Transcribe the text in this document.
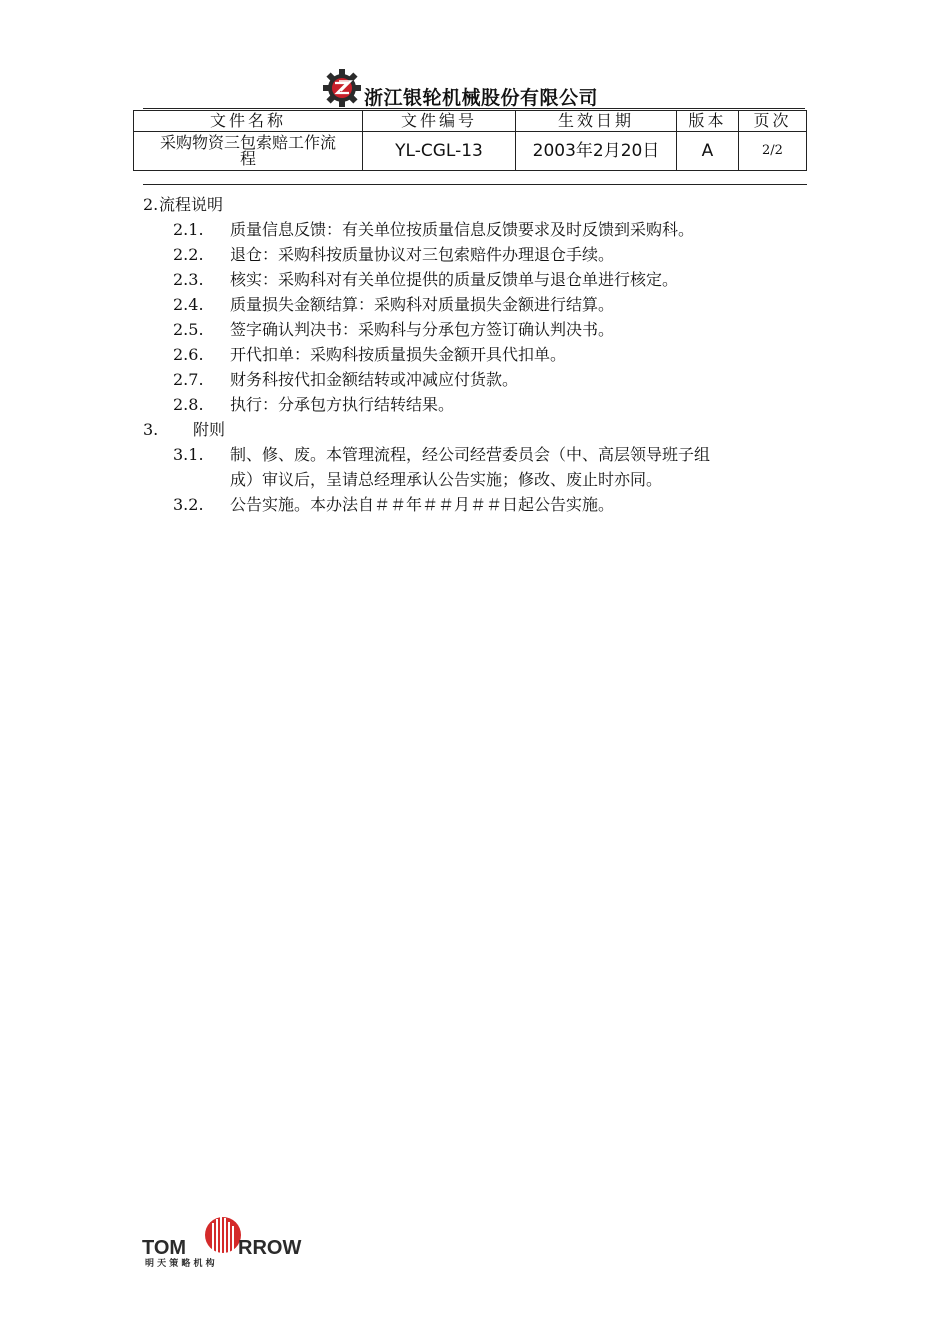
浙江银轮机械股份有限公司
文件名称	文件编号	生效日期	版本	页次

采购物资三包索赔工作流
程	YL-CGL-13	2003年2月20日	A	2/2
2. 流程说明
2.1. 质量信息反馈：有关单位按质量信息反馈要求及时反馈到采购科。
2.2. 退仓：采购科按质量协议对三包索赔件办理退仓手续。
2.3. 核实：采购科对有关单位提供的质量反馈单与退仓单进行核定。
2.4. 质量损失金额结算：采购科对质量损失金额进行结算。
2.5. 签字确认判决书：采购科与分承包方签订确认判决书。
2.6. 开代扣单：采购科按质量损失金额开具代扣单。
2.7. 财务科按代扣金额结转或冲减应付货款。
2.8. 执行：分承包方执行结转结果。
3. 附则
3.1. 制、修、废。本管理流程，经公司经营委员会（中、高层领导班子组
成）审议后，呈请总经理承认公告实施；修改、废止时亦同。
3.2. 公告实施。本办法自＃＃年＃＃月＃＃日起公告实施。
TOM	RROW
明 天 策 略 机 构
